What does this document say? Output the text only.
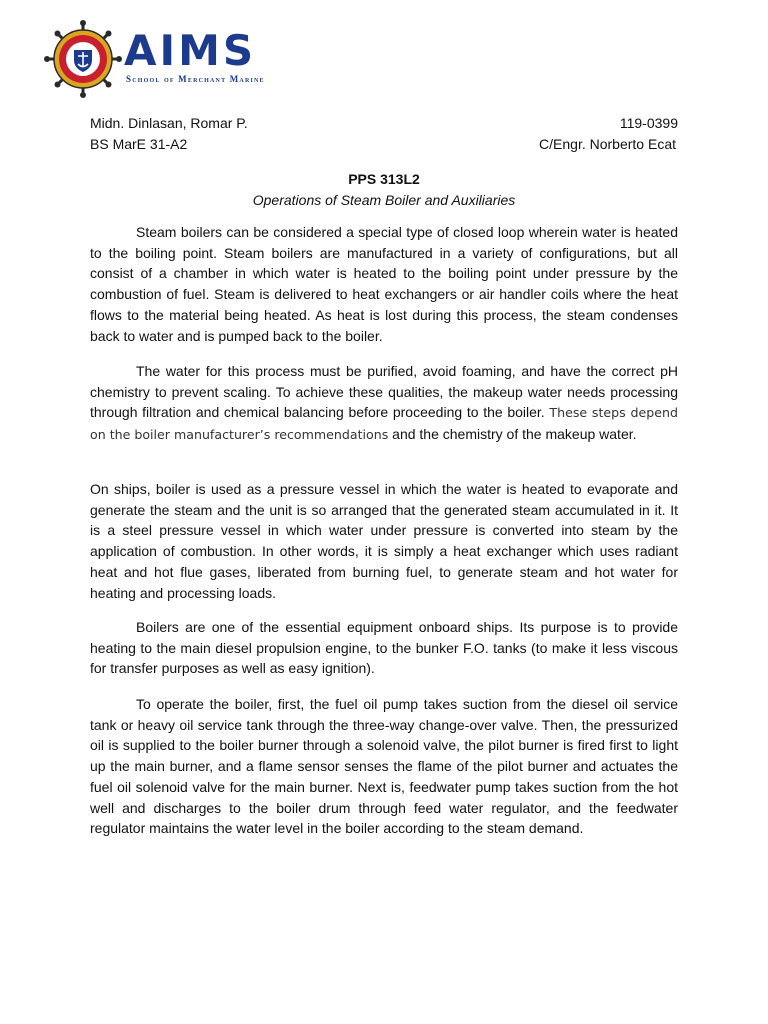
AIMS
School of Merchant Marine
Midn. Dinlasan, Romar P.	119-0399
BS MarE 31-A2	C/Engr. Norberto Ecat
PPS 313L2
Operations of Steam Boiler and Auxiliaries

Steam boilers can be considered a special type of closed loop wherein water is heated to the boiling point. Steam boilers are manufactured in a variety of configurations, but all consist of a chamber in which water is heated to the boiling point under pressure by the combustion of fuel. Steam is delivered to heat exchangers or air handler coils where the heat flows to the material being heated. As heat is lost during this process, the steam condenses back to water and is pumped back to the boiler.

The water for this process must be purified, avoid foaming, and have the correct pH chemistry to prevent scaling. To achieve these qualities, the makeup water needs processing through filtration and chemical balancing before proceeding to the boiler. These steps depend on the boiler manufacturer’s recommendations and the chemistry of the makeup water.

On ships, boiler is used as a pressure vessel in which the water is heated to evaporate and generate the steam and the unit is so arranged that the generated steam accumulated in it. It is a steel pressure vessel in which water under pressure is converted into steam by the application of combustion. In other words, it is simply a heat exchanger which uses radiant heat and hot flue gases, liberated from burning fuel, to generate steam and hot water for heating and processing loads.

Boilers are one of the essential equipment onboard ships. Its purpose is to provide heating to the main diesel propulsion engine, to the bunker F.O. tanks (to make it less viscous for transfer purposes as well as easy ignition).

To operate the boiler, first, the fuel oil pump takes suction from the diesel oil service tank or heavy oil service tank through the three-way change-over valve. Then, the pressurized oil is supplied to the boiler burner through a solenoid valve, the pilot burner is fired first to light up the main burner, and a flame sensor senses the flame of the pilot burner and actuates the fuel oil solenoid valve for the main burner. Next is, feedwater pump takes suction from the hot well and discharges to the boiler drum through feed water regulator, and the feedwater regulator maintains the water level in the boiler according to the steam demand.
